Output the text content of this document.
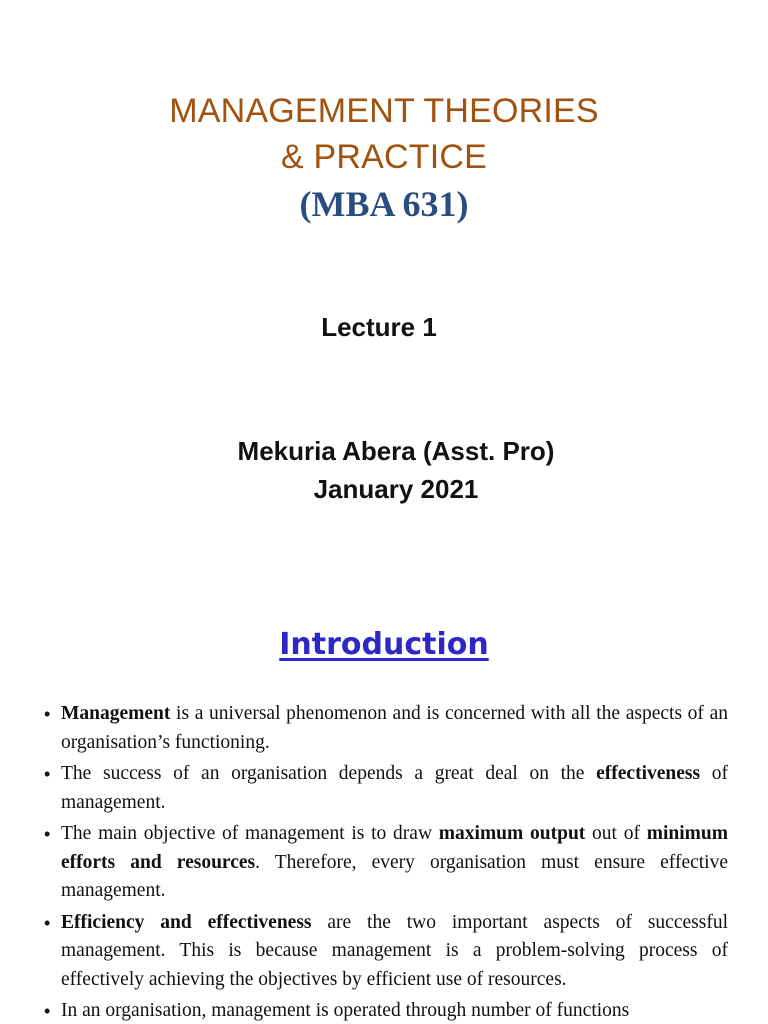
MANAGEMENT THEORIES
& PRACTICE
(MBA 631)
Lecture 1
Mekuria Abera (Asst. Pro)
January 2021
Introduction
• Management is a universal phenomenon and is concerned with all the aspects of an organisation’s functioning.
• The success of an organisation depends a great deal on the effectiveness of management.
• The main objective of management is to draw maximum output out of minimum efforts and resources. Therefore, every organisation must ensure effective management.
• Efficiency and effectiveness are the two important aspects of successful management. This is because management is a problem-solving process of effectively achieving the objectives by efficient use of resources.
• In an organisation, management is operated through number of functions
